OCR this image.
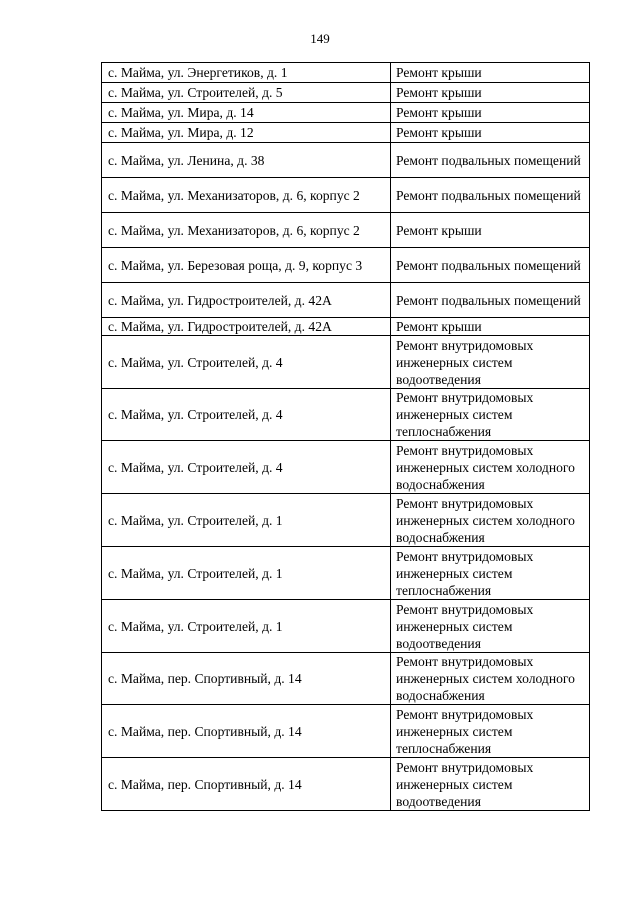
149
с. Майма, ул. Энергетиков, д. 1	Ремонт крыши
с. Майма, ул. Строителей, д. 5	Ремонт крыши
с. Майма, ул. Мира, д. 14	Ремонт крыши
с. Майма, ул. Мира, д. 12	Ремонт крыши
с. Майма, ул. Ленина, д. 38	Ремонт подвальных помещений
с. Майма, ул. Механизаторов, д. 6, корпус 2	Ремонт подвальных помещений
с. Майма, ул. Механизаторов, д. 6, корпус 2	Ремонт крыши
с. Майма, ул. Березовая роща, д. 9, корпус 3	Ремонт подвальных помещений
с. Майма, ул. Гидростроителей, д. 42А	Ремонт подвальных помещений
с. Майма, ул. Гидростроителей, д. 42А	Ремонт крыши
с. Майма, ул. Строителей, д. 4	Ремонт внутридомовых инженерных систем водоотведения
с. Майма, ул. Строителей, д. 4	Ремонт внутридомовых инженерных систем теплоснабжения
с. Майма, ул. Строителей, д. 4	Ремонт внутридомовых инженерных систем холодного водоснабжения
с. Майма, ул. Строителей, д. 1	Ремонт внутридомовых инженерных систем холодного водоснабжения
с. Майма, ул. Строителей, д. 1	Ремонт внутридомовых инженерных систем теплоснабжения
с. Майма, ул. Строителей, д. 1	Ремонт внутридомовых инженерных систем водоотведения
с. Майма, пер. Спортивный, д. 14	Ремонт внутридомовых инженерных систем холодного водоснабжения
с. Майма, пер. Спортивный, д. 14	Ремонт внутридомовых инженерных систем теплоснабжения
с. Майма, пер. Спортивный, д. 14	Ремонт внутридомовых инженерных систем водоотведения
